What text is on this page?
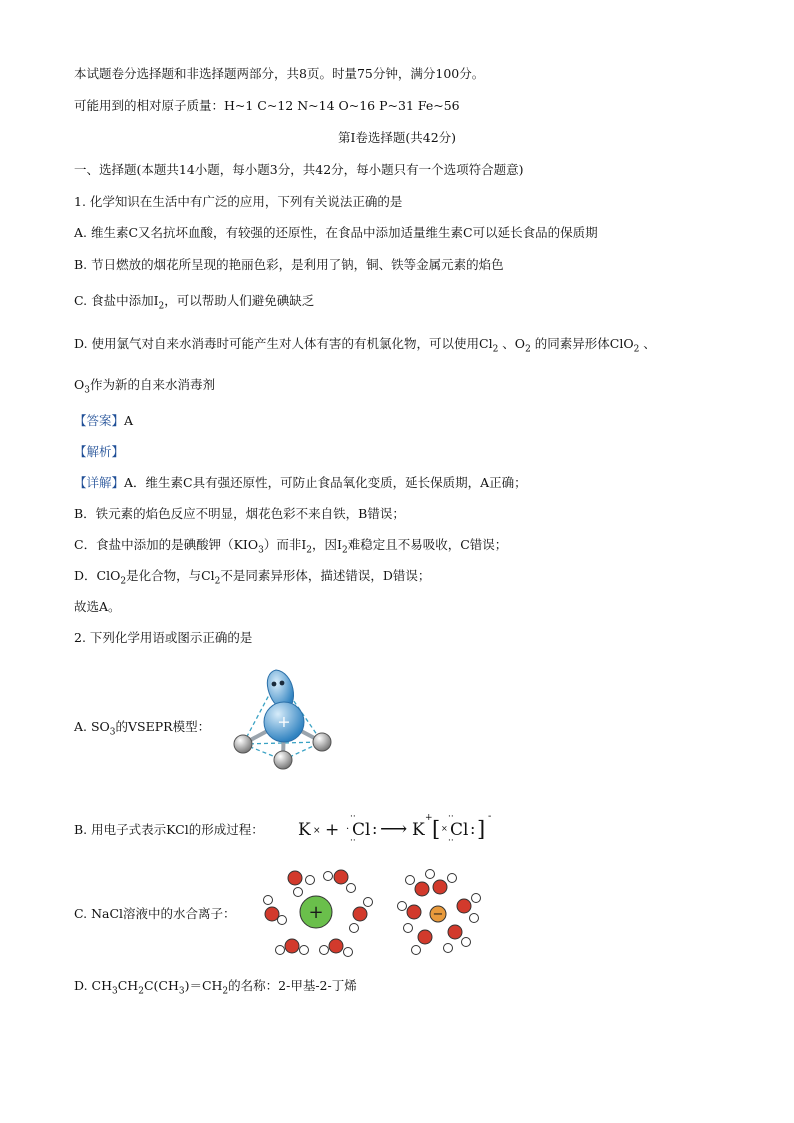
本试题卷分选择题和非选择题两部分，共8页。时量75分钟，满分100分。
可能用到的相对原子质量：H~1 C~12 N~14 O~16 P~31 Fe~56
第Ⅰ卷选择题(共42分)
一、选择题(本题共14小题，每小题3分，共42分，每小题只有一个选项符合题意)
1. 化学知识在生活中有广泛的应用，下列有关说法正确的是
A. 维生素C又名抗坏血酸，有较强的还原性，在食品中添加适量维生素C可以延长食品的保质期
B. 节日燃放的烟花所呈现的艳丽色彩，是利用了钠，铜、铁等金属元素的焰色
C. 食盐中添加$I_2$，可以帮助人们避免碘缺乏
D. 使用氯气对自来水消毒时可能产生对人体有害的有机氯化物，可以使用$Cl_2$ 、$O_2$ 的同素异形体ClO$_2$ 、
$O_3$作为新的自来水消毒剂
【答案】A
【解析】
【详解】A．维生素C具有强还原性，可防止食品氧化变质，延长保质期，A正确；
B．铁元素的焰色反应不明显，烟花色彩不来自铁，B错误；
C．食盐中添加的是碘酸钾$(KIO_3)$而非$I_2$，因$I_2$难稳定且不易吸收，C错误；
D．ClO$_2$是化合物，与$Cl_2$不是同素异形体，描述错误，D错误；
故选A。
2. 下列化学用语或图示正确的是
A. $SO_3$的VSEPR模型：	+
B. 用电子式表示KCl的形成过程： K × + ·
··
Cl :
··
⟶ K
+ [ ×
··
Cl :
·· ]
-
C. NaCl溶液中的水合离子：	+	−
D. $CH_3CH_2C(CH_3)=CH_2$的名称：2-甲基-2-丁烯
